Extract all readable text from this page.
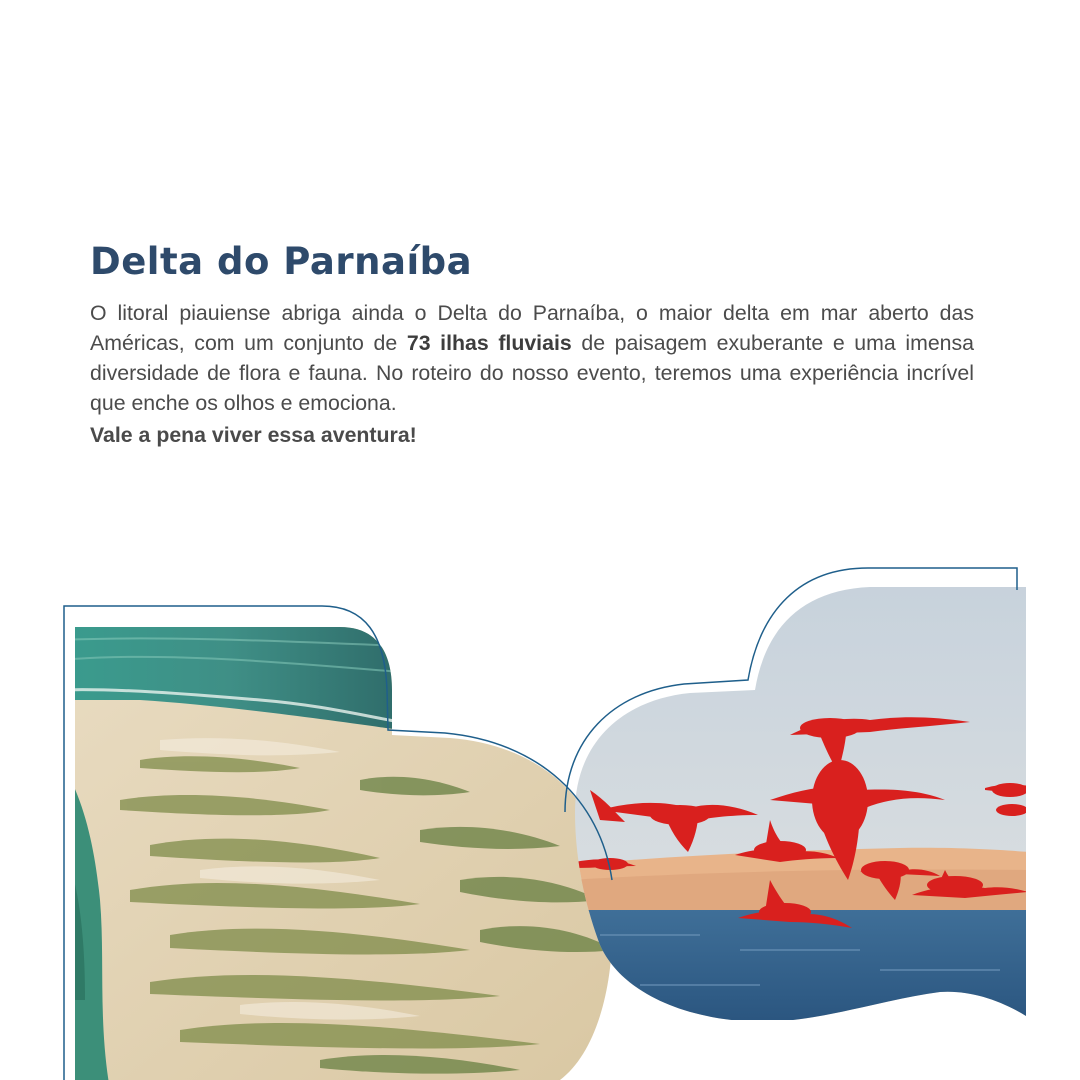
Delta do Parnaíba

O litoral piauiense abriga ainda o Delta do Parnaíba, o maior delta em mar aberto das Américas, com um conjunto de 73 ilhas fluviais de paisagem exuberante e uma imensa diversidade de flora e fauna. No roteiro do nosso evento, teremos uma experiência incrível que enche os olhos e emociona.

Vale a pena viver essa aventura!
